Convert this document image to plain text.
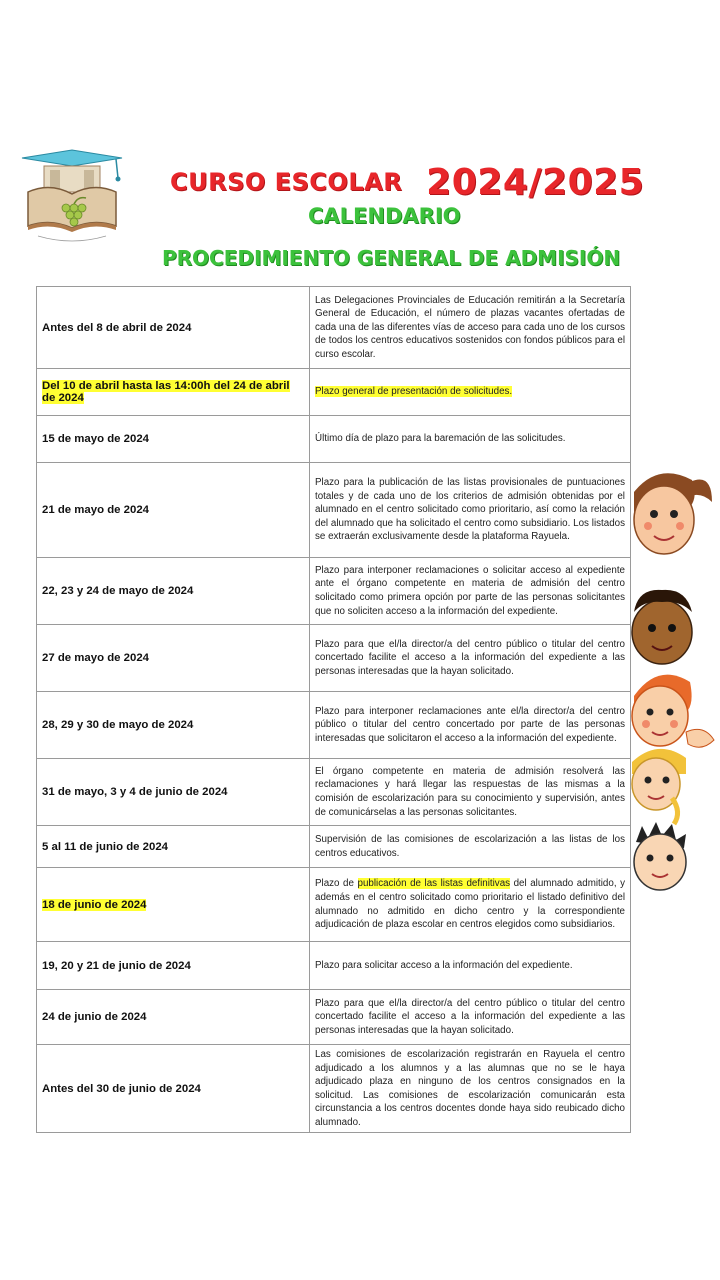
CURSO ESCOLAR 2024/2025
CALENDARIO
PROCEDIMIENTO GENERAL DE ADMISIÓN
Antes del 8 de abril de 2024	Las Delegaciones Provinciales de Educación remitirán a la Secretaría General de Educación, el número de plazas vacantes ofertadas de cada una de las diferentes vías de acceso para cada uno de los cursos de todos los centros educativos sostenidos con fondos públicos para el curso escolar.
Del 10 de abril hasta las 14:00h del 24 de abril de 2024	Plazo general de presentación de solicitudes.
15 de mayo de 2024	Último día de plazo para la baremación de las solicitudes.
21 de mayo de 2024	Plazo para la publicación de las listas provisionales de puntuaciones totales y de cada uno de los criterios de admisión obtenidas por el alumnado en el centro solicitado como prioritario, así como la relación del alumnado que ha solicitado el centro como subsidiario. Los listados se extraerán exclusivamente desde la plataforma Rayuela.
22, 23 y 24 de mayo de 2024	Plazo para interponer reclamaciones o solicitar acceso al expediente ante el órgano competente en materia de admisión del centro solicitado como primera opción por parte de las personas solicitantes que no soliciten acceso a la información del expediente.
27 de mayo de 2024	Plazo para que el/la director/a del centro público o titular del centro concertado facilite el acceso a la información del expediente a las personas interesadas que la hayan solicitado.
28, 29 y 30 de mayo de 2024	Plazo para interponer reclamaciones ante el/la director/a del centro público o titular del centro concertado por parte de las personas interesadas que solicitaron el acceso a la información del expediente.
31 de mayo, 3 y 4 de junio de 2024	El órgano competente en materia de admisión resolverá las reclamaciones y hará llegar las respuestas de las mismas a la comisión de escolarización para su conocimiento y supervisión, antes de comunicárselas a las personas solicitantes.
5 al 11 de junio de 2024	Supervisión de las comisiones de escolarización a las listas de los centros educativos.
18 de junio de 2024	Plazo de publicación de las listas definitivas del alumnado admitido, y además en el centro solicitado como prioritario el listado definitivo del alumnado no admitido en dicho centro y la correspondiente adjudicación de plaza escolar en centros elegidos como subsidiarios.
19, 20 y 21 de junio de 2024	Plazo para solicitar acceso a la información del expediente.
24 de junio de 2024	Plazo para que el/la director/a del centro público o titular del centro concertado facilite el acceso a la información del expediente a las personas interesadas que la hayan solicitado.
Antes del 30 de junio de 2024	Las comisiones de escolarización registrarán en Rayuela el centro adjudicado a los alumnos y a las alumnas que no se le haya adjudicado plaza en ninguno de los centros consignados en la solicitud. Las comisiones de escolarización comunicarán esta circunstancia a los centros docentes donde haya sido reubicado dicho alumnado.
